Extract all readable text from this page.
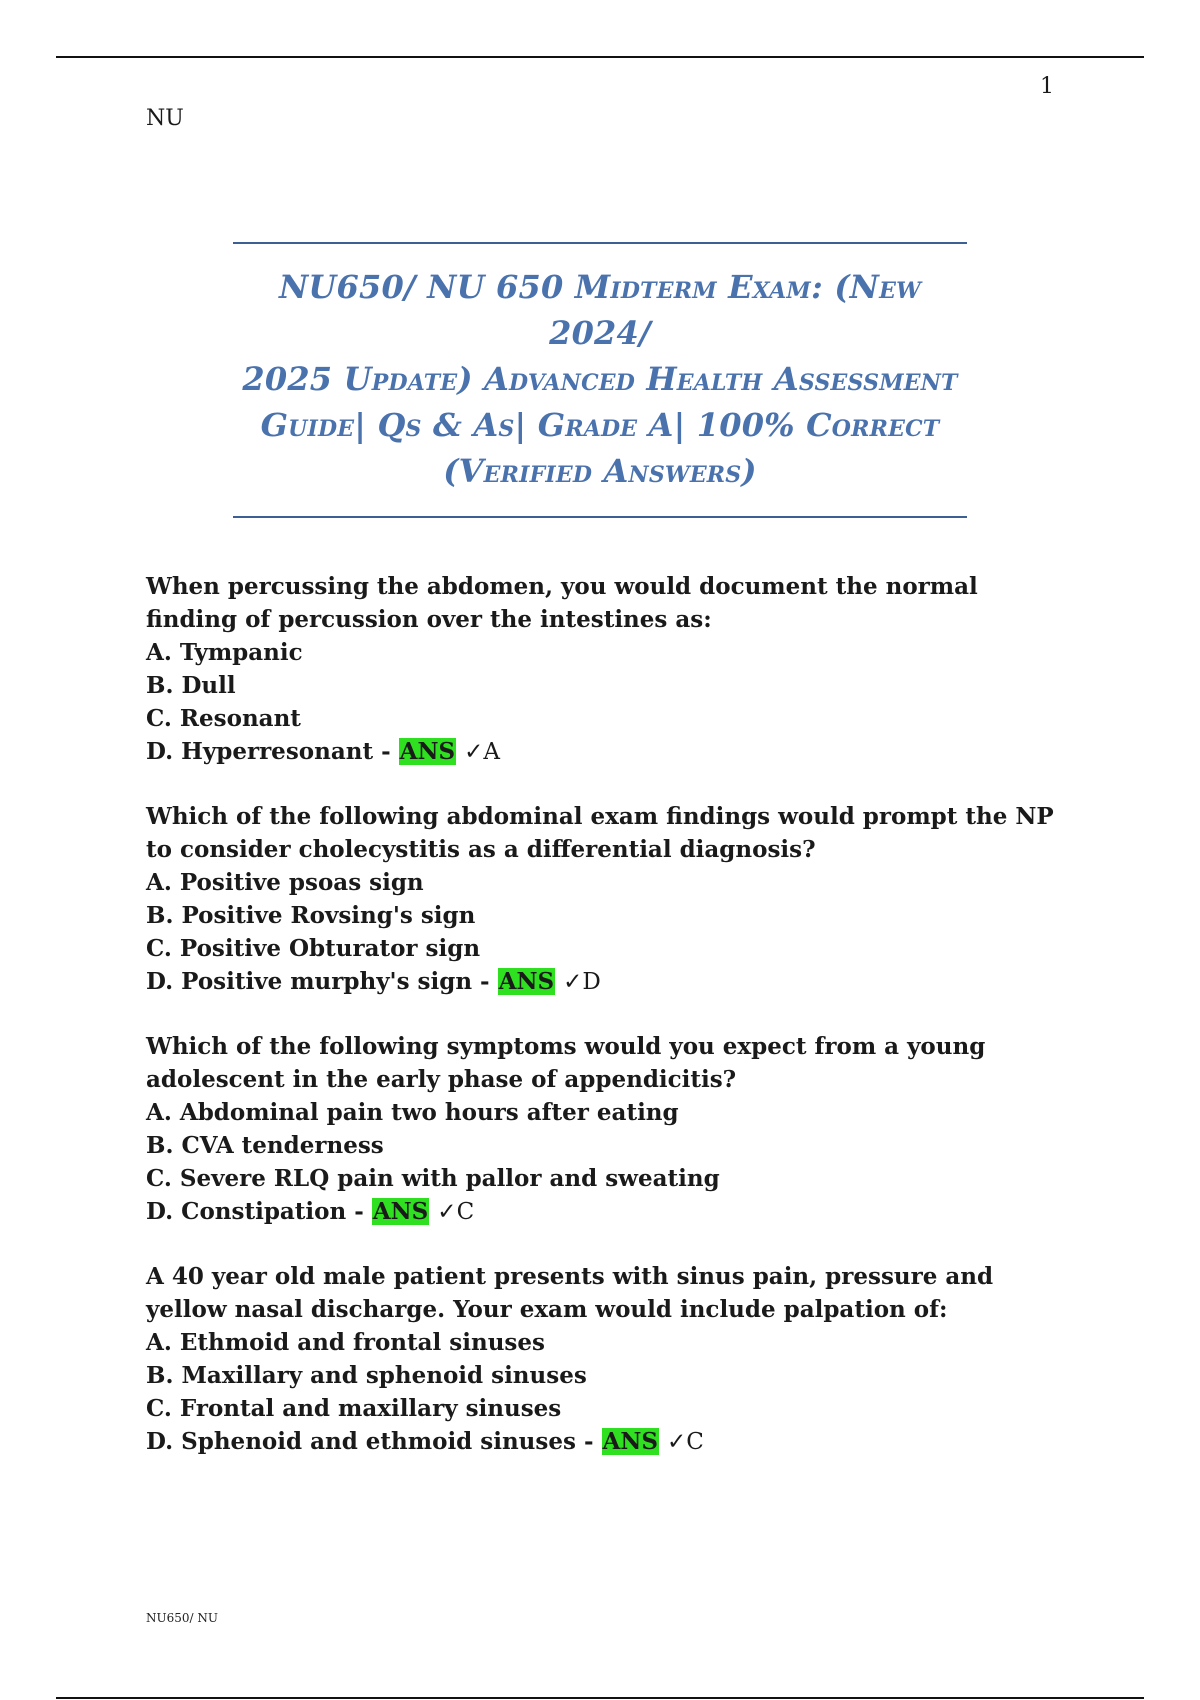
1
NU

NU650/ NU 650 Midterm Exam: (New 2024/
2025 Update) Advanced Health Assessment
Guide| Qs & As| Grade A| 100% Correct
(Verified Answers)

When percussing the abdomen, you would document the normal finding of percussion over the intestines as:

A. Tympanic

B. Dull

C. Resonant

D. Hyperresonant - ANS ✓A

Which of the following abdominal exam findings would prompt the NP to consider cholecystitis as a differential diagnosis?

A. Positive psoas sign

B. Positive Rovsing's sign

C. Positive Obturator sign

D. Positive murphy's sign - ANS ✓D

Which of the following symptoms would you expect from a young adolescent in the early phase of appendicitis?

A. Abdominal pain two hours after eating

B. CVA tenderness

C. Severe RLQ pain with pallor and sweating

D. Constipation - ANS ✓C

A 40 year old male patient presents with sinus pain, pressure and yellow nasal discharge. Your exam would include palpation of:

A. Ethmoid and frontal sinuses

B. Maxillary and sphenoid sinuses

C. Frontal and maxillary sinuses

D. Sphenoid and ethmoid sinuses - ANS ✓C

NU650/ NU
